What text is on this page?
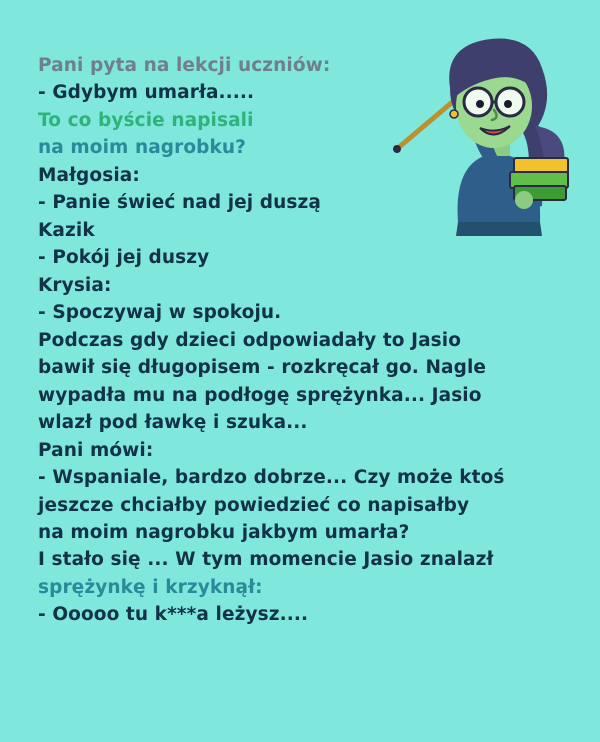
Pani pyta na lekcji uczniów:
- Gdybym umarła.....
To co byście napisali
na moim nagrobku?
Małgosia:
- Panie świeć nad jej duszą
Kazik
- Pokój jej duszy
Krysia:
- Spoczywaj w spokoju.
Podczas gdy dzieci odpowiadały to Jasio
bawił się długopisem - rozkręcał go. Nagle
wypadła mu na podłogę sprężynka... Jasio
wlazł pod ławkę i szuka...
Pani mówi:
- Wspaniale, bardzo dobrze... Czy może ktoś
jeszcze chciałby powiedzieć co napisałby
na moim nagrobku jakbym umarła?
I stało się ... W tym momencie Jasio znalazł
sprężynkę i krzyknął:
- Ooooo tu k***a leżysz....
